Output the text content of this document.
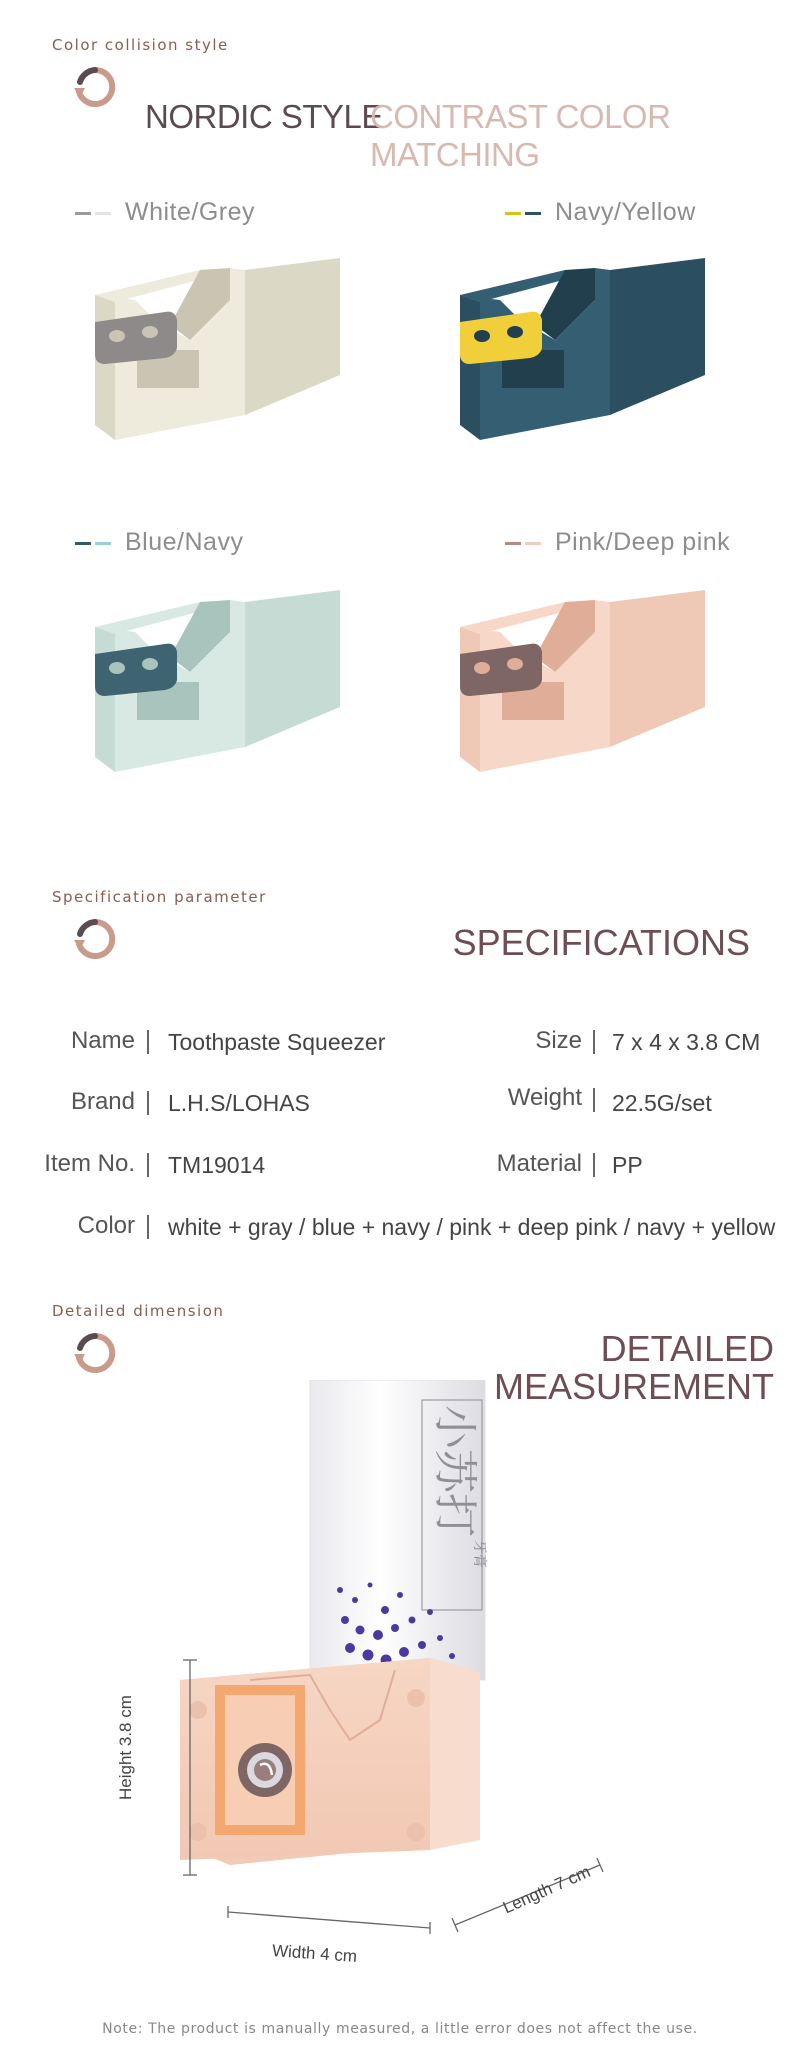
Color collision style
NORDIC STYLE
CONTRAST COLOR MATCHING
White/Grey	Navy/Yellow
Blue/Navy	Pink/Deep pink
Specification parameter
SPECIFICATIONS
Name Toothpaste Squeezer	Size 7 x 4 x 3.8 CM
Brand L.H.S/LOHAS	Weight 22.5G/set
Item No. TM19014	Material PP
Color white + gray / blue + navy / pink + deep pink / navy + yellow
Detailed dimension
DETAILED
MEASUREMENT
小苏打
牙膏
Height 3.8 cm
Width 4 cm
Length 7 cm
Note: The product is manually measured, a little error does not affect the use.
